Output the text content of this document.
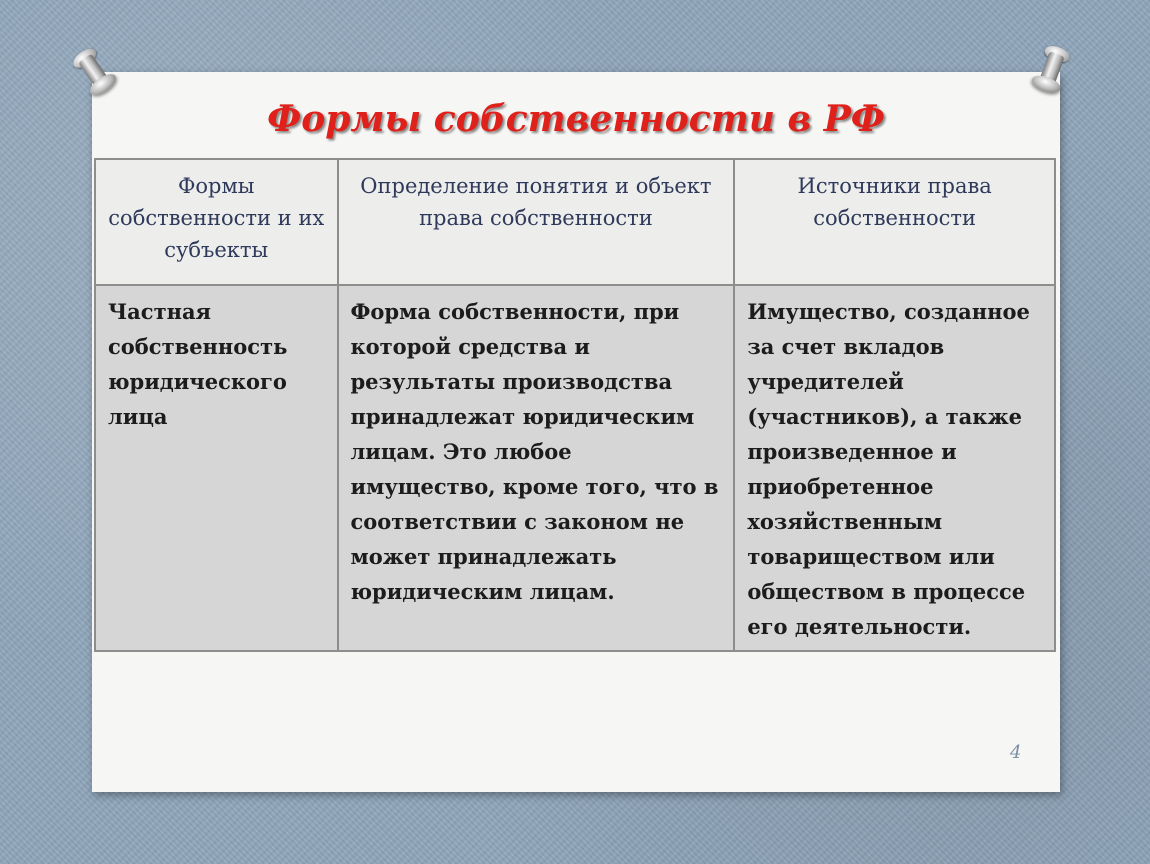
Формы собственности в РФ
Формы собственности и их субъекты	Определение понятия и объект права собственности	Источники права собственности
Частная собственность юридического лица	Форма собственности, при которой средства и результаты производства принадлежат юридическим лицам. Это любое имущество, кроме того, что в соответствии с законом не может принадлежать юридическим лицам.	Имущество, созданное за счет вкладов учредителей (участников), а также произведенное и приобретенное хозяйственным товариществом или обществом в процессе его деятельности.
4
